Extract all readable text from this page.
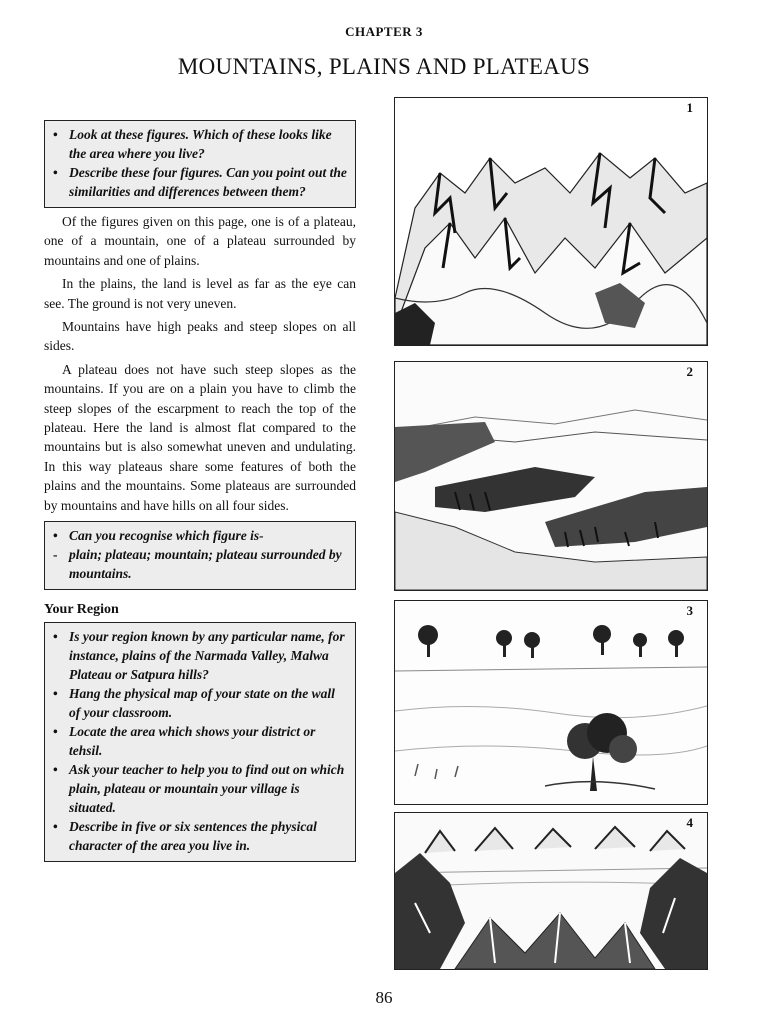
CHAPTER 3
MOUNTAINS, PLAINS AND PLATEAUS
• Look at these figures. Which of these looks like the area where you live?
• Describe these four figures. Can you point out the similarities and differences between them?

Of the figures given on this page, one is of a plateau, one of a mountain, one of a plateau surrounded by mountains and one of plains.

In the plains, the land is level as far as the eye can see. The ground is not very uneven.

Mountains have high peaks and steep slopes on all sides.

A plateau does not have such steep slopes as the mountains. If you are on a plain you have to climb the steep slopes of the escarpment to reach the top of the plateau. Here the land is almost flat compared to the mountains but is also somewhat uneven and undulating. In this way plateaus share some features of both the plains and the mountains. Some plateaus are surrounded by mountains and have hills on all four sides.

• Can you recognise which figure is-
- plain; plateau; mountain; plateau surrounded by mountains.
Your Region
• Is your region known by any particular name, for instance, plains of the Narmada Valley, Malwa Plateau or Satpura hills?
• Hang the physical map of your state on the wall of your classroom.
• Locate the area which shows your district or tehsil.
• Ask your teacher to help you to find out on which plain, plateau or mountain your village is situated.
• Describe in five or six sentences the physical character of the area you live in.
1
2
3
4
86
